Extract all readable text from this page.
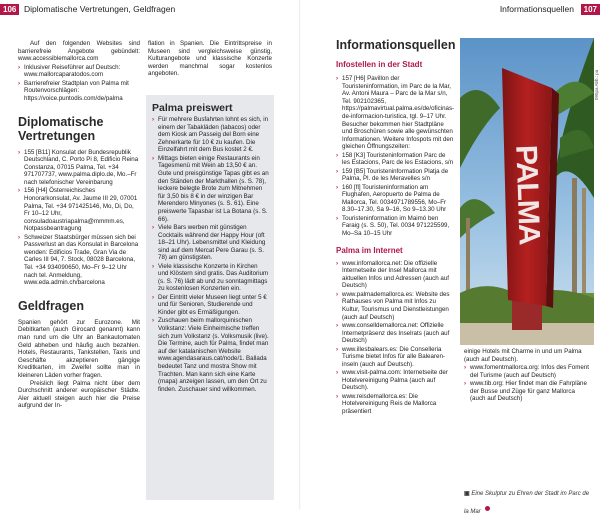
106 Diplomatische Vertretungen, Geldfragen

Auf den folgenden Websites sind barrierefreie Angebote gebündelt: www.accessiblemallorca.com

› Inklusiver Reiseführer auf Deutsch: www.mallorcaparatodos.com
› Barrierefreier Stadtplan von Palma mit Routenvorschlägen: https://voice.puntodis.com/de/palma
Diplomatische Vertretungen
› 155 [B11] Konsulat der Bundesrepublik Deutschland, C. Porto Pi 8, Edificio Reina Constanza, 07015 Palma, Tel. +34 971707737, www.palma.diplo.de, Mo.–Fr nach telefonischer Vereinbarung
› 156 [H4] Österreichisches Honorarkonsulat, Av. Jaume III 29, 07001 Palma, Tel. +34 971425146, Mo, Di, Do, Fr 10–12 Uhr, consuladoaustriapalma@mmmm.es, Notpassbeantragung
› Schweizer Staatsbürger müssen sich bei Passverlust an das Konsulat in Barcelona wenden: Edificios Trade, Gran Via de Carles III 94, 7. Stock, 08028 Barcelona, Tel. +34 934090650, Mo–Fr 9–12 Uhr nach tel. Anmeldung, www.eda.admin.ch/barcelona
Geldfragen

Spanien gehört zur Eurozone. Mit Debitkarten (auch Girocard genannt) kann man rund um die Uhr an Bankautomaten Geld abheben und häufig auch bezahlen. Hotels, Restaurants, Tankstellen, Taxis und Geschäfte akzeptieren gängige Kreditkarten, im Zweifel sollte man in kleineren Läden vorher fragen.

Preislich liegt Palma nicht über dem Durchschnitt anderer europäischer Städte. Aler aktuell steigen auch hier die Preise aufgrund der In-

flation in Spanien. Die Eintrittspreise in Museen sind vergleichsweise günstig, Kulturangebote und klassische Konzerte werden manchmal sogar kostenlos angeboten.

Palma preiswert
› Für mehrere Busfahrten lohnt es sich, in einem der Tabakläden (tabacos) oder dem Kiosk am Passeig del Born eine Zehnerkarte für 10 € zu kaufen. Die Einzelfahrt mit dem Bus kostet 2 €.
› Mittags bieten einige Restaurants ein Tagesmenü mit Wein ab 13,50 € an. Gute und preisgünstige Tapas gibt es an den Ständen der Markthallen (s. S. 78), leckere belegte Brote zum Mitnehmen für 3,50 bis 8 € in der winzigen Bar Merendero Minyones (s. S. 61). Eine preiswerte Tapasbar ist La Botana (s. S. 66).
› Viele Bars werben mit günstigen Cocktails während der Happy Hour (oft 18–21 Uhr). Lebensmittel und Kleidung sind auf dem Mercat Pere Garau (s. S. 78) am günstigsten.
› Viele klassische Konzerte in Kirchen und Klöstern sind gratis. Das Auditorium (s. S. 76) lädt ab und zu sonntagmittags zu kostenlosen Konzerten ein.
› Der Eintritt vieler Museen liegt unter 5 € und für Senioren, Studierende und Kinder gibt es Ermäßigungen.
› Zuschauen beim mallorquinischen Volkstanz: Viele Einheimische treffen sich zum Volkstanz (s. Volksmusik (live). Die Termine, auch für Palma, findet man auf der katalanischen Website www.agendasaraus.cat/node/1. Ballada bedeutet Tanz und mostra Show mit Trachten. Man kann sich eine Karte (mapa) anzeigen lassen, um den Ort zu finden. Zuschauer sind willkommen.
Informationsquellen	107
Informationsquellen
Infostellen in der Stadt
› 157 [H6] Pavillon der Touristeninformation, im Parc de la Mar, Av. Antoni Maura – Parc de la Mar s/n, Tel. 902102365, https://palmavirtual.palma.es/de/oficinas-de-informacion-turistica, tgl. 9–17 Uhr. Besucher bekommen hier Stadtpläne und Broschüren sowie alle gewünschten Informationen. Weitere Infospots mit den gleichen Öffnungszeiten:
› 158 [K3] Touristeninformation Parc de les Estacions, Parc de les Estacions, s/n
› 159 [B5] Touristeninformation Platja de Palma, Pl. de les Meravelles s/n
› 160 [fl] Touristeninformation am Flughafen, Aeropuerto de Palma de Mallorca, Tel. 0034971789556, Mo–Fr 8.30–17.30, Sa 9–16, So 9–13.30 Uhr
› Touristeninformation im Maimó ben Faraig (s. S. 50), Tel. 0034 971225599, Mo–Sa 10–15 Uhr
Palma im Internet
› www.infomallorca.net: Die offizielle Internetseite der Insel Mallorca mit aktuellen Infos und Adressen (auch auf Deutsch)
› www.palmademallorca.es: Website des Rathauses von Palma mit Infos zu Kultur, Tourismus und Dienstleistungen (auch auf Deutsch)
› www.conselldemallorca.net: Offizielle Internetpräsenz des Inselrats (auch auf Deutsch)
› www.illesbalears.es: Die Conselleria Turisme bietet Infos für alle Balearen-inseln (auch auf Deutsch).
› www.visit-palma.com: Internetseite der Hotelvereinigung Palma (auch auf Deutsch).
› www.reisdemallorca.es: Die Hotelvereinigung Reis de Mallorca präsentiert
PALMA
095pa Abb.: pa

einige Hotels mit Charme in und um Palma (auch auf Deutsch).

› www.fomentmallorca.org: Infos des Foment del Turisme (auch auf Deutsch)
› www.tib.org: Hier findet man die Fahrpläne der Busse und Züge für ganz Mallorca (auch auf Deutsch)
▣ Eine Skulptur zu Ehren der Stadt im Parc de la Mar
